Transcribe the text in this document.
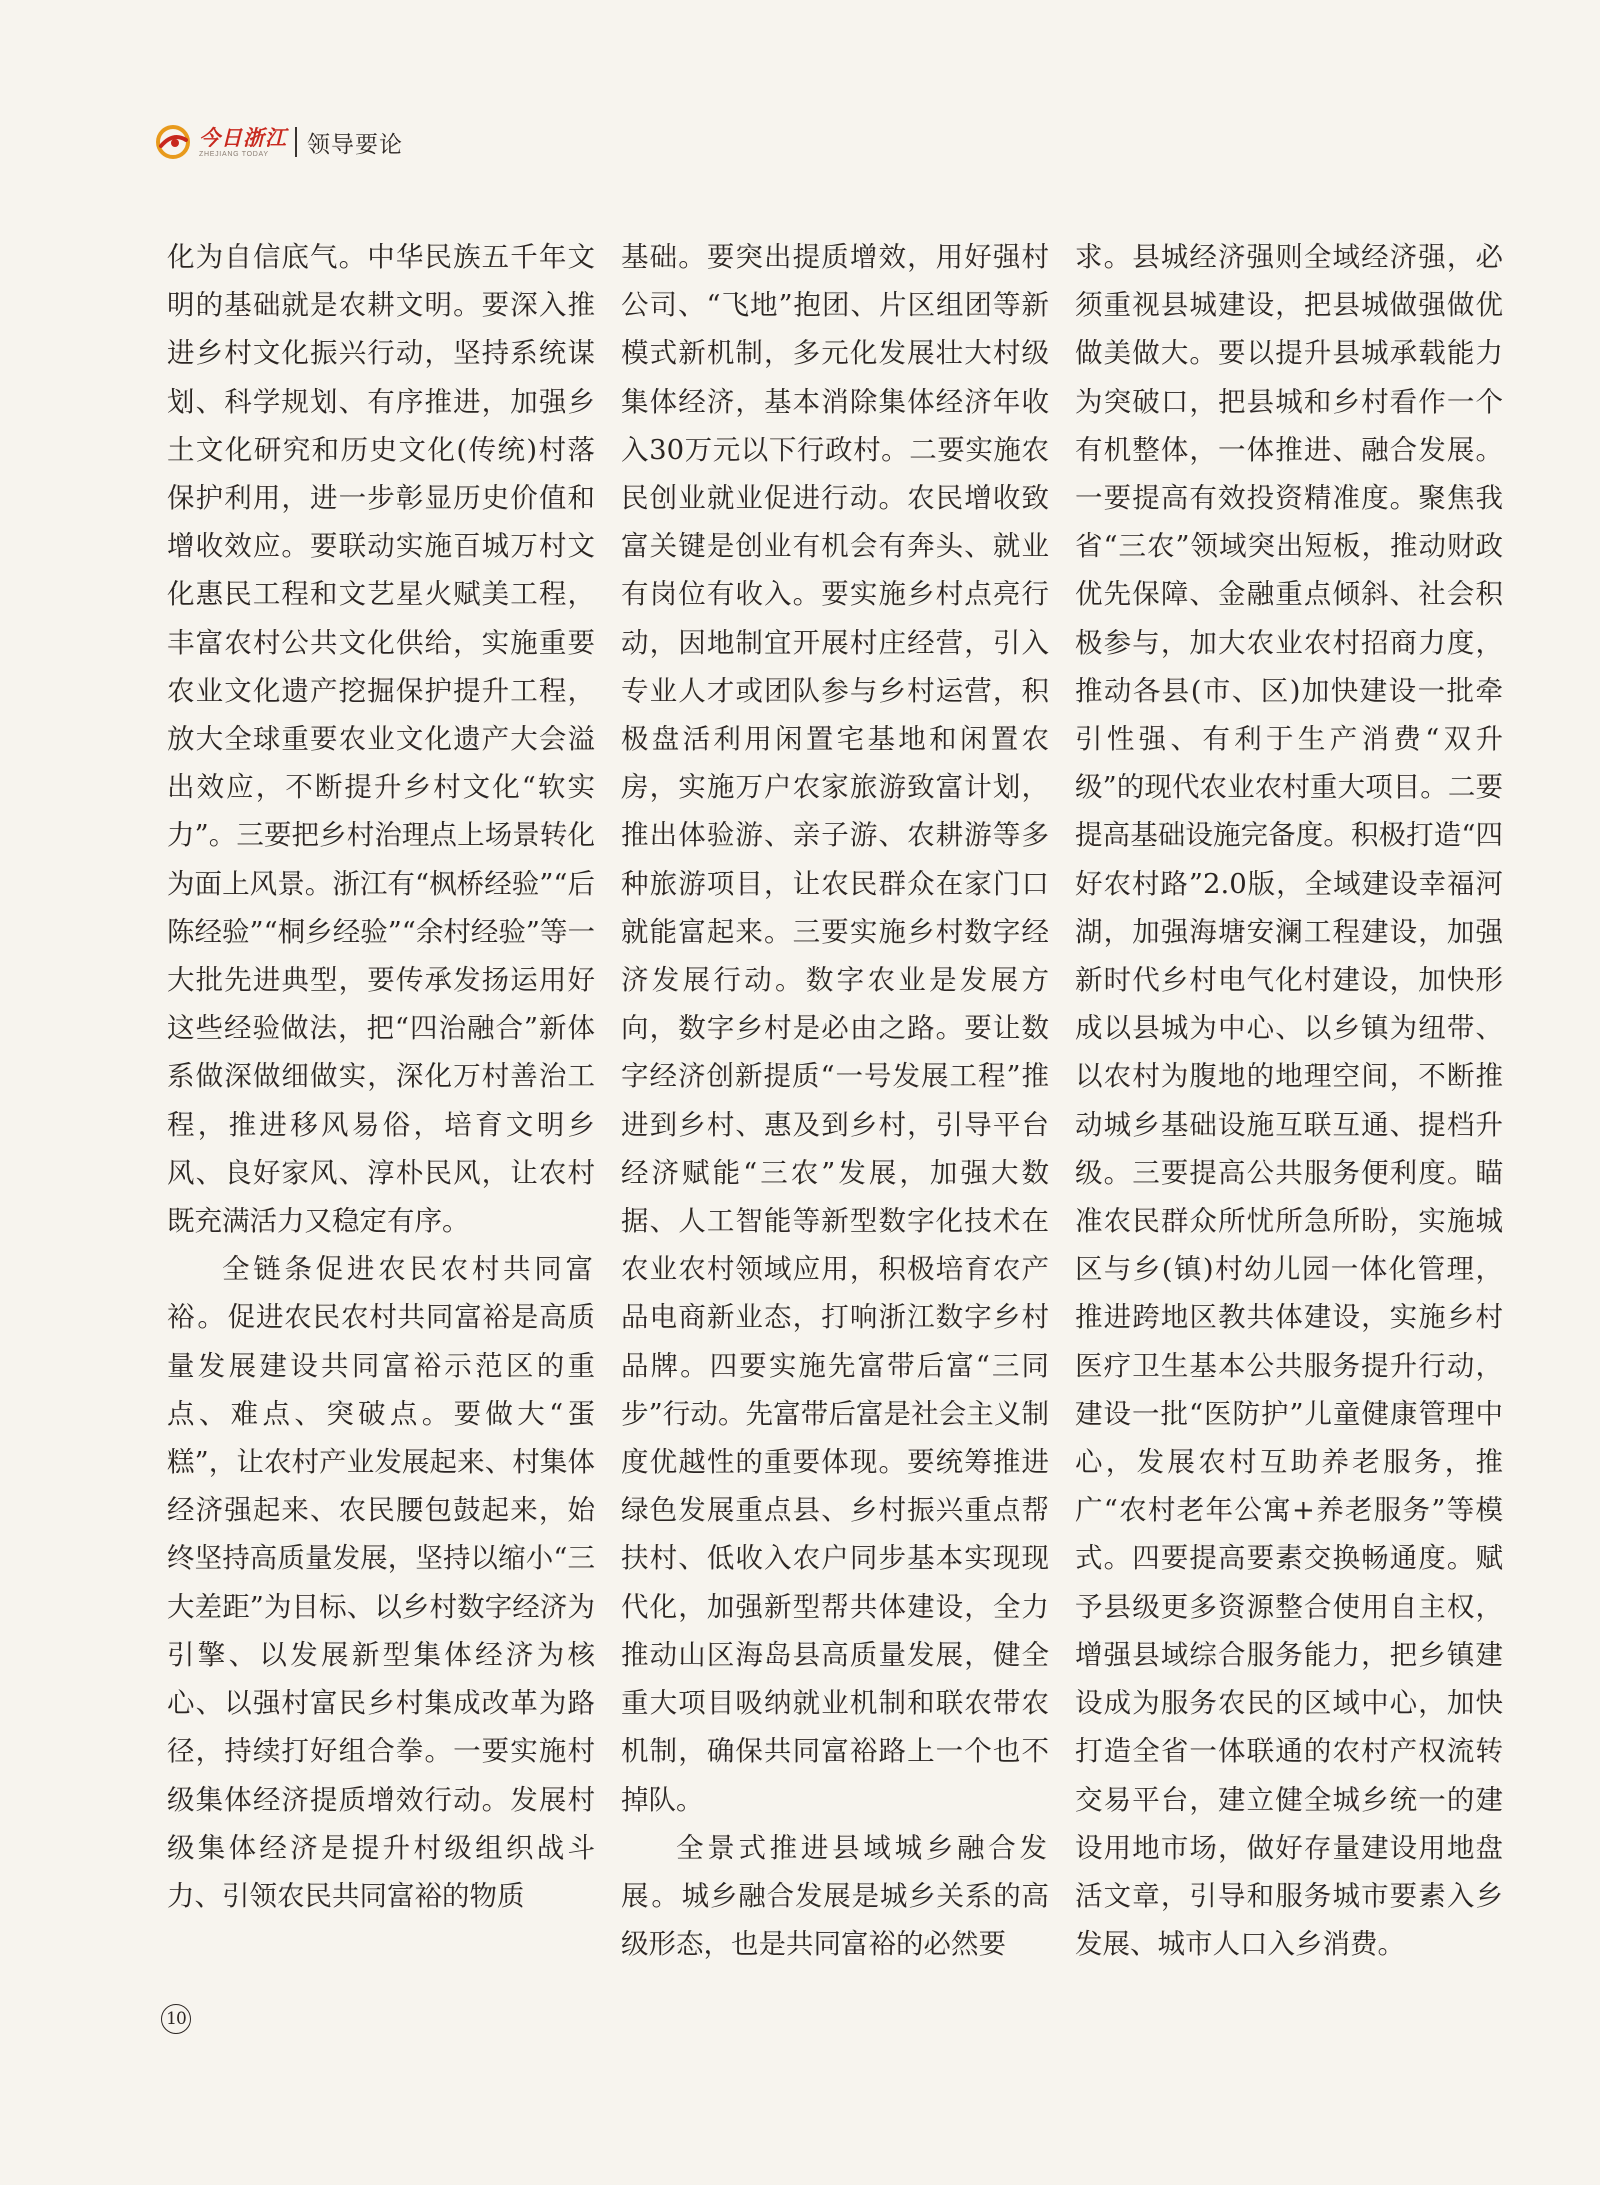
今日浙江
ZHEJIANG TODAY	领导要论

化为自信底气。中华民族五千年文明的基础就是农耕文明。要深入推进乡村文化振兴行动，坚持系统谋划、科学规划、有序推进，加强乡土文化研究和历史文化(传统)村落保护利用，进一步彰显历史价值和增收效应。要联动实施百城万村文化惠民工程和文艺星火赋美工程，丰富农村公共文化供给，实施重要农业文化遗产挖掘保护提升工程，放大全球重要农业文化遗产大会溢出效应，不断提升乡村文化“软实力”。三要把乡村治理点上场景转化为面上风景。浙江有“枫桥经验”“后陈经验”“桐乡经验”“余村经验”等一大批先进典型，要传承发扬运用好这些经验做法，把“四治融合”新体系做深做细做实，深化万村善治工程，推进移风易俗，培育文明乡风、良好家风、淳朴民风，让农村既充满活力又稳定有序。

全链条促进农民农村共同富裕。促进农民农村共同富裕是高质量发展建设共同富裕示范区的重点、难点、突破点。要做大“蛋糕”，让农村产业发展起来、村集体经济强起来、农民腰包鼓起来，始终坚持高质量发展，坚持以缩小“三大差距”为目标、以乡村数字经济为引擎、以发展新型集体经济为核心、以强村富民乡村集成改革为路径，持续打好组合拳。一要实施村级集体经济提质增效行动。发展村级集体经济是提升村级组织战斗力、引领农民共同富裕的物质

基础。要突出提质增效，用好强村公司、“飞地”抱团、片区组团等新模式新机制，多元化发展壮大村级集体经济，基本消除集体经济年收入30万元以下行政村。二要实施农民创业就业促进行动。农民增收致富关键是创业有机会有奔头、就业有岗位有收入。要实施乡村点亮行动，因地制宜开展村庄经营，引入专业人才或团队参与乡村运营，积极盘活利用闲置宅基地和闲置农房，实施万户农家旅游致富计划，推出体验游、亲子游、农耕游等多种旅游项目，让农民群众在家门口就能富起来。三要实施乡村数字经济发展行动。数字农业是发展方向，数字乡村是必由之路。要让数字经济创新提质“一号发展工程”推进到乡村、惠及到乡村，引导平台经济赋能“三农”发展，加强大数据、人工智能等新型数字化技术在农业农村领域应用，积极培育农产品电商新业态，打响浙江数字乡村品牌。四要实施先富带后富“三同步”行动。先富带后富是社会主义制度优越性的重要体现。要统筹推进绿色发展重点县、乡村振兴重点帮扶村、低收入农户同步基本实现现代化，加强新型帮共体建设，全力推动山区海岛县高质量发展，健全重大项目吸纳就业机制和联农带农机制，确保共同富裕路上一个也不掉队。

全景式推进县域城乡融合发展。城乡融合发展是城乡关系的高级形态，也是共同富裕的必然要

求。县城经济强则全域经济强，必须重视县城建设，把县城做强做优做美做大。要以提升县城承载能力为突破口，把县城和乡村看作一个有机整体，一体推进、融合发展。一要提高有效投资精准度。聚焦我省“三农”领域突出短板，推动财政优先保障、金融重点倾斜、社会积极参与，加大农业农村招商力度，推动各县(市、区)加快建设一批牵引性强、有利于生产消费“双升级”的现代农业农村重大项目。二要提高基础设施完备度。积极打造“四好农村路”2.0版，全域建设幸福河湖，加强海塘安澜工程建设，加强新时代乡村电气化村建设，加快形成以县城为中心、以乡镇为纽带、以农村为腹地的地理空间，不断推动城乡基础设施互联互通、提档升级。三要提高公共服务便利度。瞄准农民群众所忧所急所盼，实施城区与乡(镇)村幼儿园一体化管理，推进跨地区教共体建设，实施乡村医疗卫生基本公共服务提升行动，建设一批“医防护”儿童健康管理中心，发展农村互助养老服务，推广“农村老年公寓+养老服务”等模式。四要提高要素交换畅通度。赋予县级更多资源整合使用自主权，增强县域综合服务能力，把乡镇建设成为服务农民的区域中心，加快打造全省一体联通的农村产权流转交易平台，建立健全城乡统一的建设用地市场，做好存量建设用地盘活文章，引导和服务城市要素入乡发展、城市人口入乡消费。

10
